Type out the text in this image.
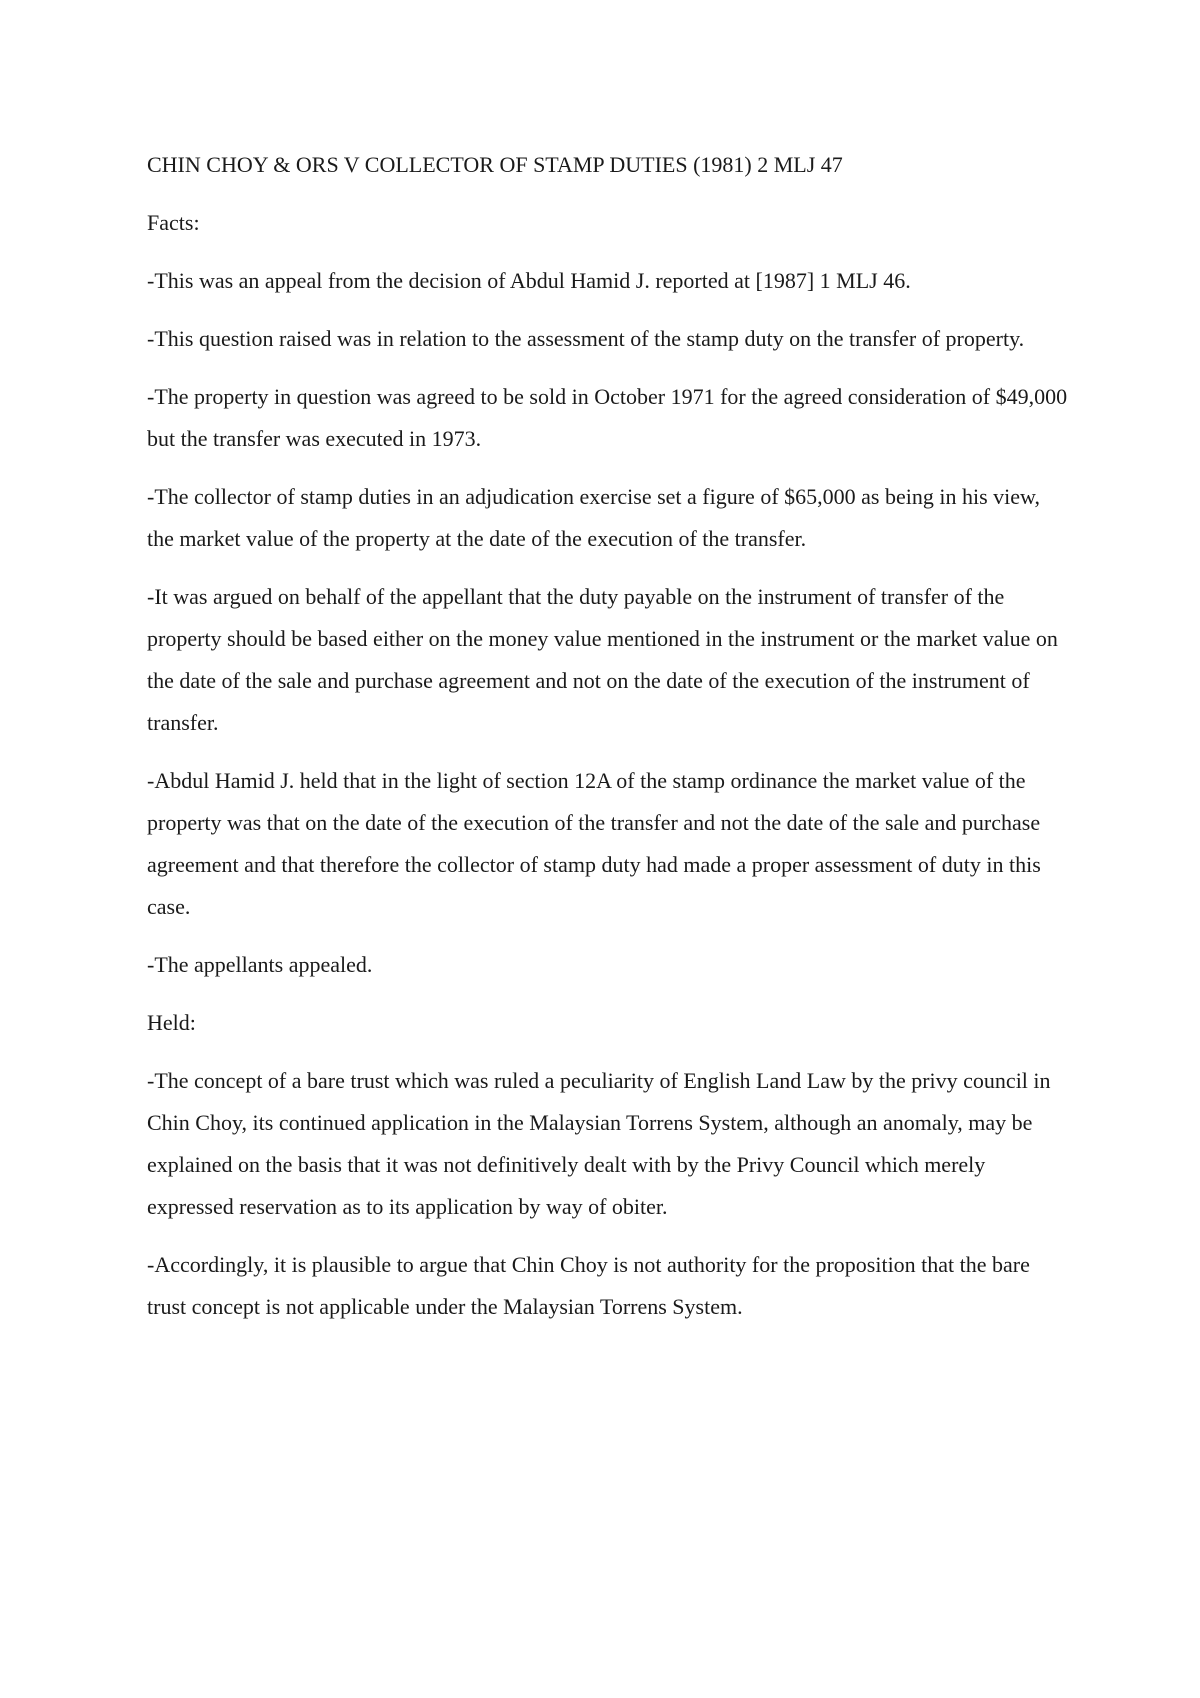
CHIN CHOY & ORS V COLLECTOR OF STAMP DUTIES (1981) 2 MLJ 47
Facts:

-This was an appeal from the decision of Abdul Hamid J. reported at [1987] 1 MLJ 46.

-This question raised was in relation to the assessment of the stamp duty on the transfer of property.

-The property in question was agreed to be sold in October 1971 for the agreed consideration of $49,000 but the transfer was executed in 1973.

-The collector of stamp duties in an adjudication exercise set a figure of $65,000 as being in his view, the market value of the property at the date of the execution of the transfer.

-It was argued on behalf of the appellant that the duty payable on the instrument of transfer of the property should be based either on the money value mentioned in the instrument or the market value on the date of the sale and purchase agreement and not on the date of the execution of the instrument of transfer.

-Abdul Hamid J. held that in the light of section 12A of the stamp ordinance the market value of the property was that on the date of the execution of the transfer and not the date of the sale and purchase agreement and that therefore the collector of stamp duty had made a proper assessment of duty in this case.

-The appellants appealed.

Held:

-The concept of a bare trust which was ruled a peculiarity of English Land Law by the privy council in Chin Choy, its continued application in the Malaysian Torrens System, although an anomaly, may be explained on the basis that it was not definitively dealt with by the Privy Council which merely expressed reservation as to its application by way of obiter.

-Accordingly, it is plausible to argue that Chin Choy is not authority for the proposition that the bare trust concept is not applicable under the Malaysian Torrens System.
